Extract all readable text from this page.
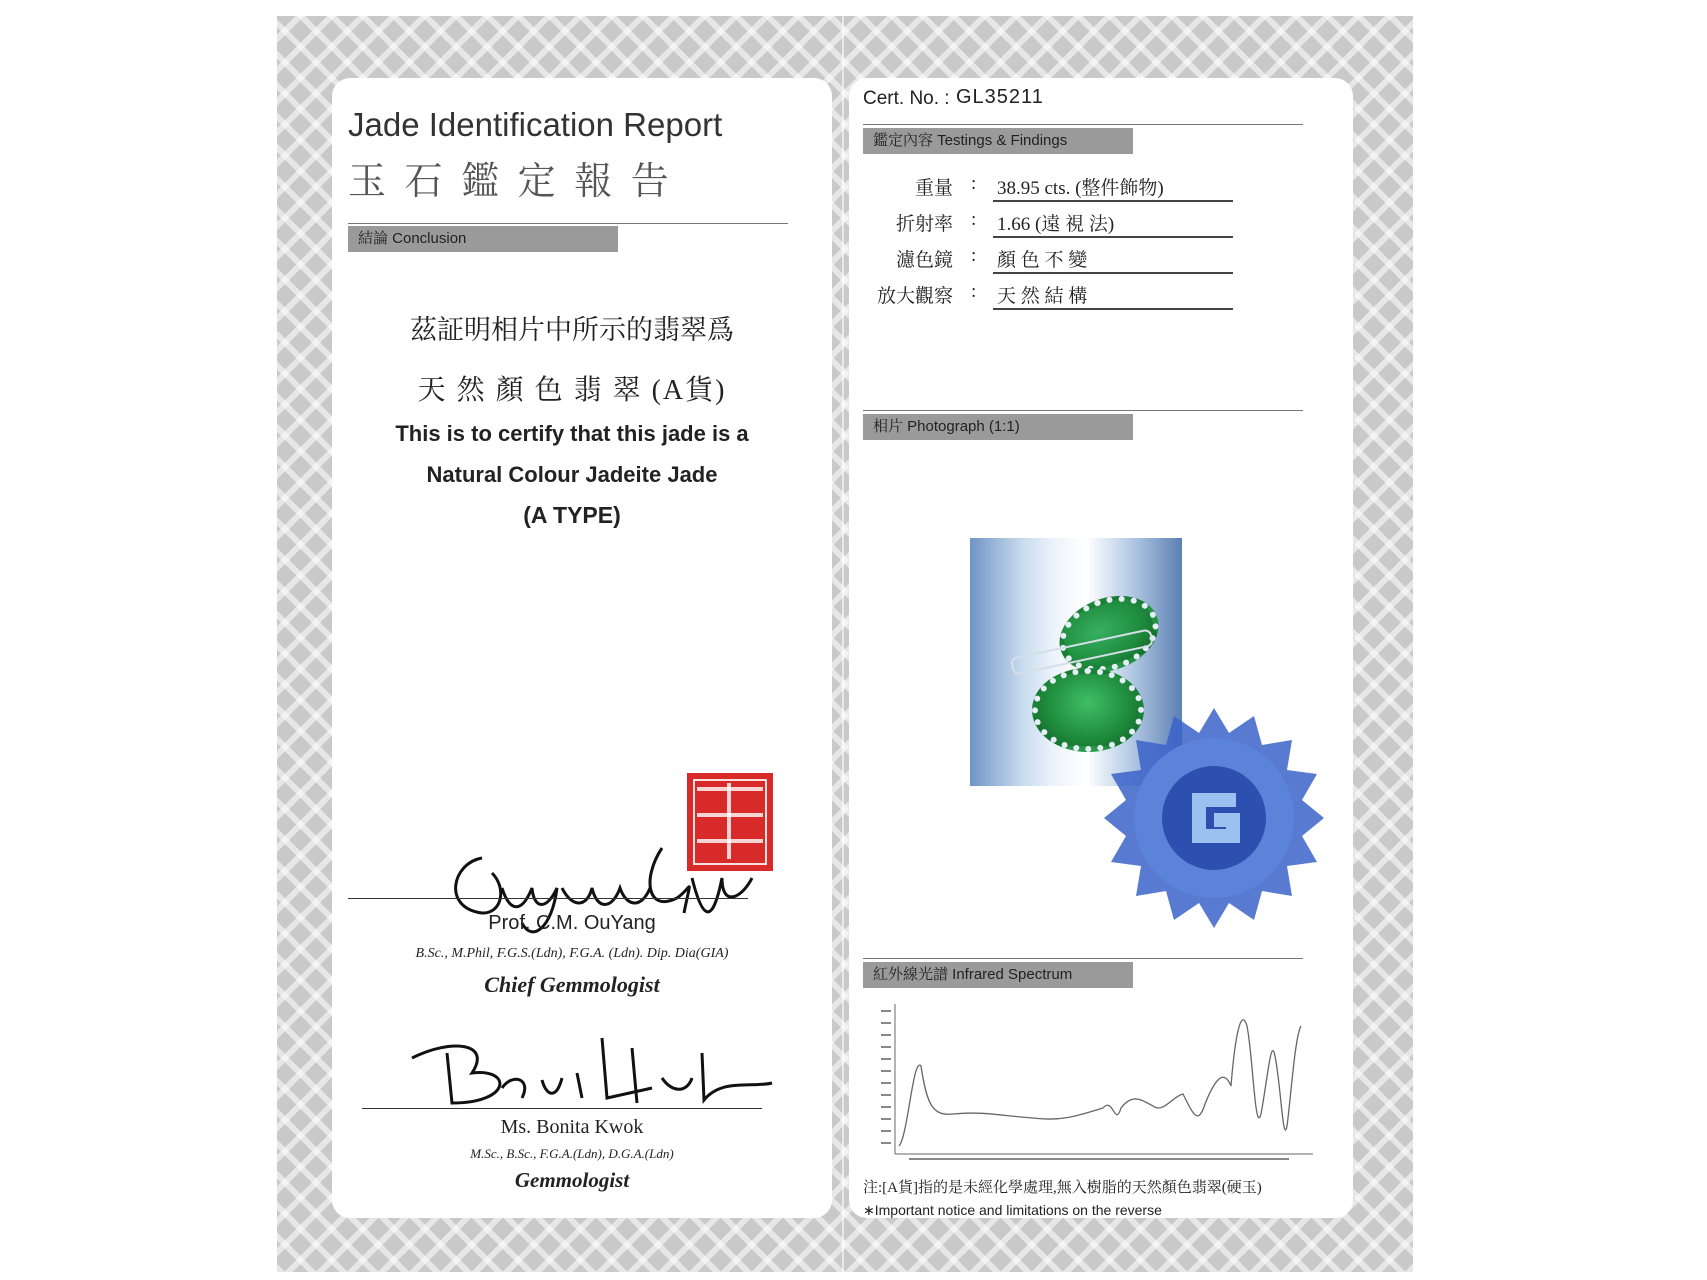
Jade Identification Report
玉 石 鑑 定 報 告
結論 Conclusion
茲証明相片中所示的翡翠爲
天 然 顏 色 翡 翠 (A貨)
This is to certify that this jade is a
Natural Colour Jadeite Jade
(A TYPE)
Prof. C.M. OuYang
B.Sc., M.Phil, F.G.S.(Ldn), F.G.A. (Ldn). Dip. Dia(GIA)
Chief Gemmologist
Ms. Bonita Kwok
M.Sc., B.Sc., F.G.A.(Ldn), D.G.A.(Ldn)
Gemmologist
Cert. No. : GL35211
鑑定內容 Testings & Findings
重量 : 38.95 cts. (整件飾物)
折射率 : 1.66 (遠 視 法)
濾色鏡 : 顏 色 不 變
放大觀察 : 天 然 結 構
相片 Photograph (1:1)
紅外線光譜 Infrared Spectrum
注:[A貨]指的是未經化學處理,無入樹脂的天然顏色翡翠(硬玉)
∗Important notice and limitations on the reverse
